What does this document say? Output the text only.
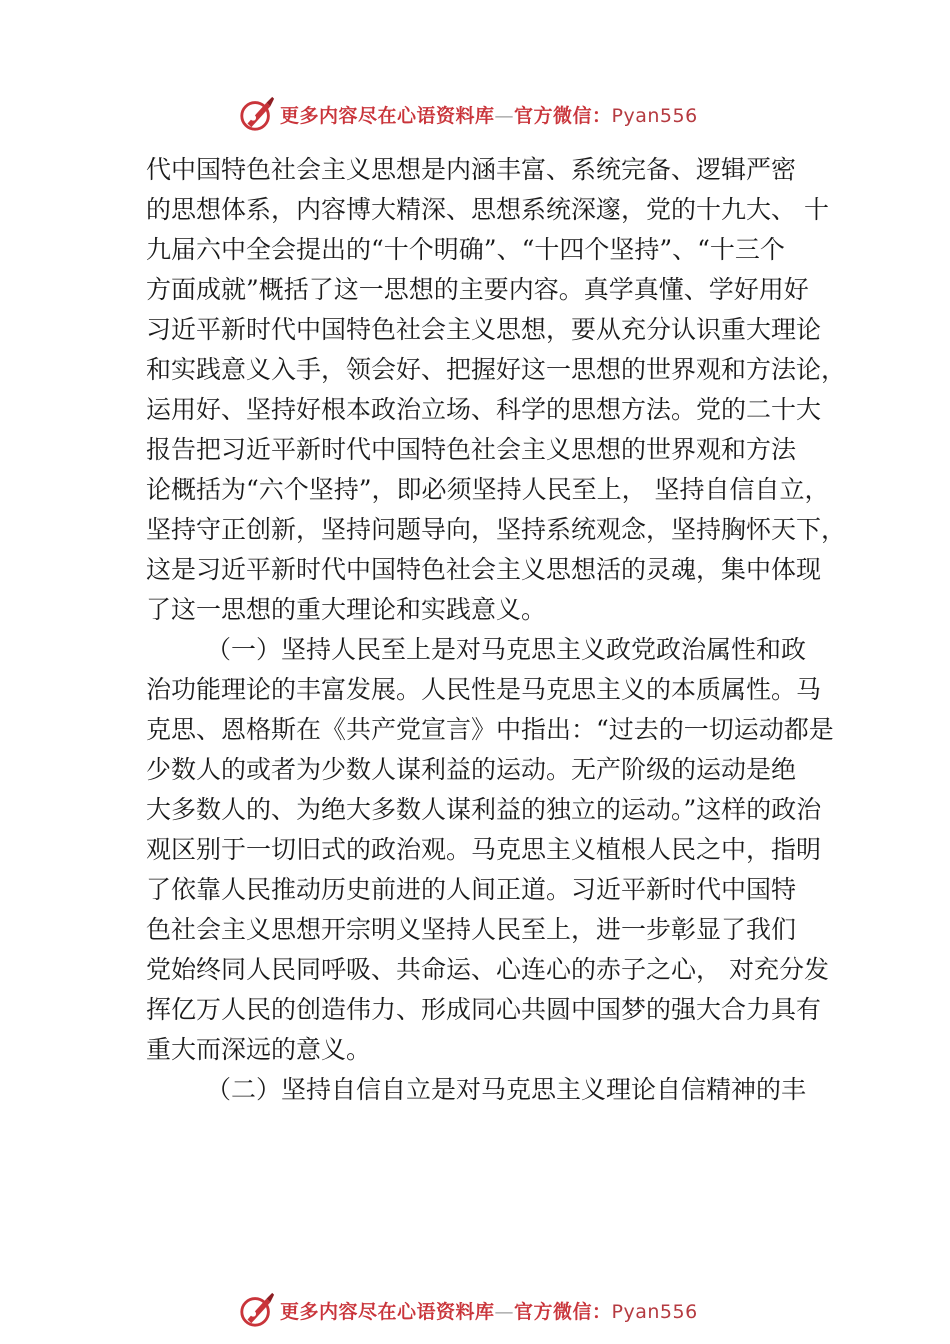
更多内容尽在心语资料库—官方微信：Pyan556
代中国特色社会主义思想是内涵丰富、系统完备、逻辑严密
的思想体系，内容博大精深、思想系统深邃，党的十九大、 十
九届六中全会提出的“十个明确”、“十四个坚持”、“十三个
方面成就”概括了这一思想的主要内容。真学真懂、学好用好
习近平新时代中国特色社会主义思想，要从充分认识重大理论
和实践意义入手，领会好、把握好这一思想的世界观和方法论，
运用好、坚持好根本政治立场、科学的思想方法。党的二十大
报告把习近平新时代中国特色社会主义思想的世界观和方法
论概括为“六个坚持”，即必须坚持人民至上， 坚持自信自立，
坚持守正创新，坚持问题导向，坚持系统观念，坚持胸怀天下，
这是习近平新时代中国特色社会主义思想活的灵魂，集中体现
了这一思想的重大理论和实践意义。
（一）坚持人民至上是对马克思主义政党政治属性和政
治功能理论的丰富发展。人民性是马克思主义的本质属性。马
克思、恩格斯在《共产党宣言》中指出：“过去的一切运动都是
少数人的或者为少数人谋利益的运动。无产阶级的运动是绝
大多数人的、为绝大多数人谋利益的独立的运动。”这样的政治
观区别于一切旧式的政治观。马克思主义植根人民之中，指明
了依靠人民推动历史前进的人间正道。习近平新时代中国特
色社会主义思想开宗明义坚持人民至上，进一步彰显了我们
党始终同人民同呼吸、共命运、心连心的赤子之心， 对充分发
挥亿万人民的创造伟力、形成同心共圆中国梦的强大合力具有
重大而深远的意义。
（二）坚持自信自立是对马克思主义理论自信精神的丰
更多内容尽在心语资料库—官方微信：Pyan556
